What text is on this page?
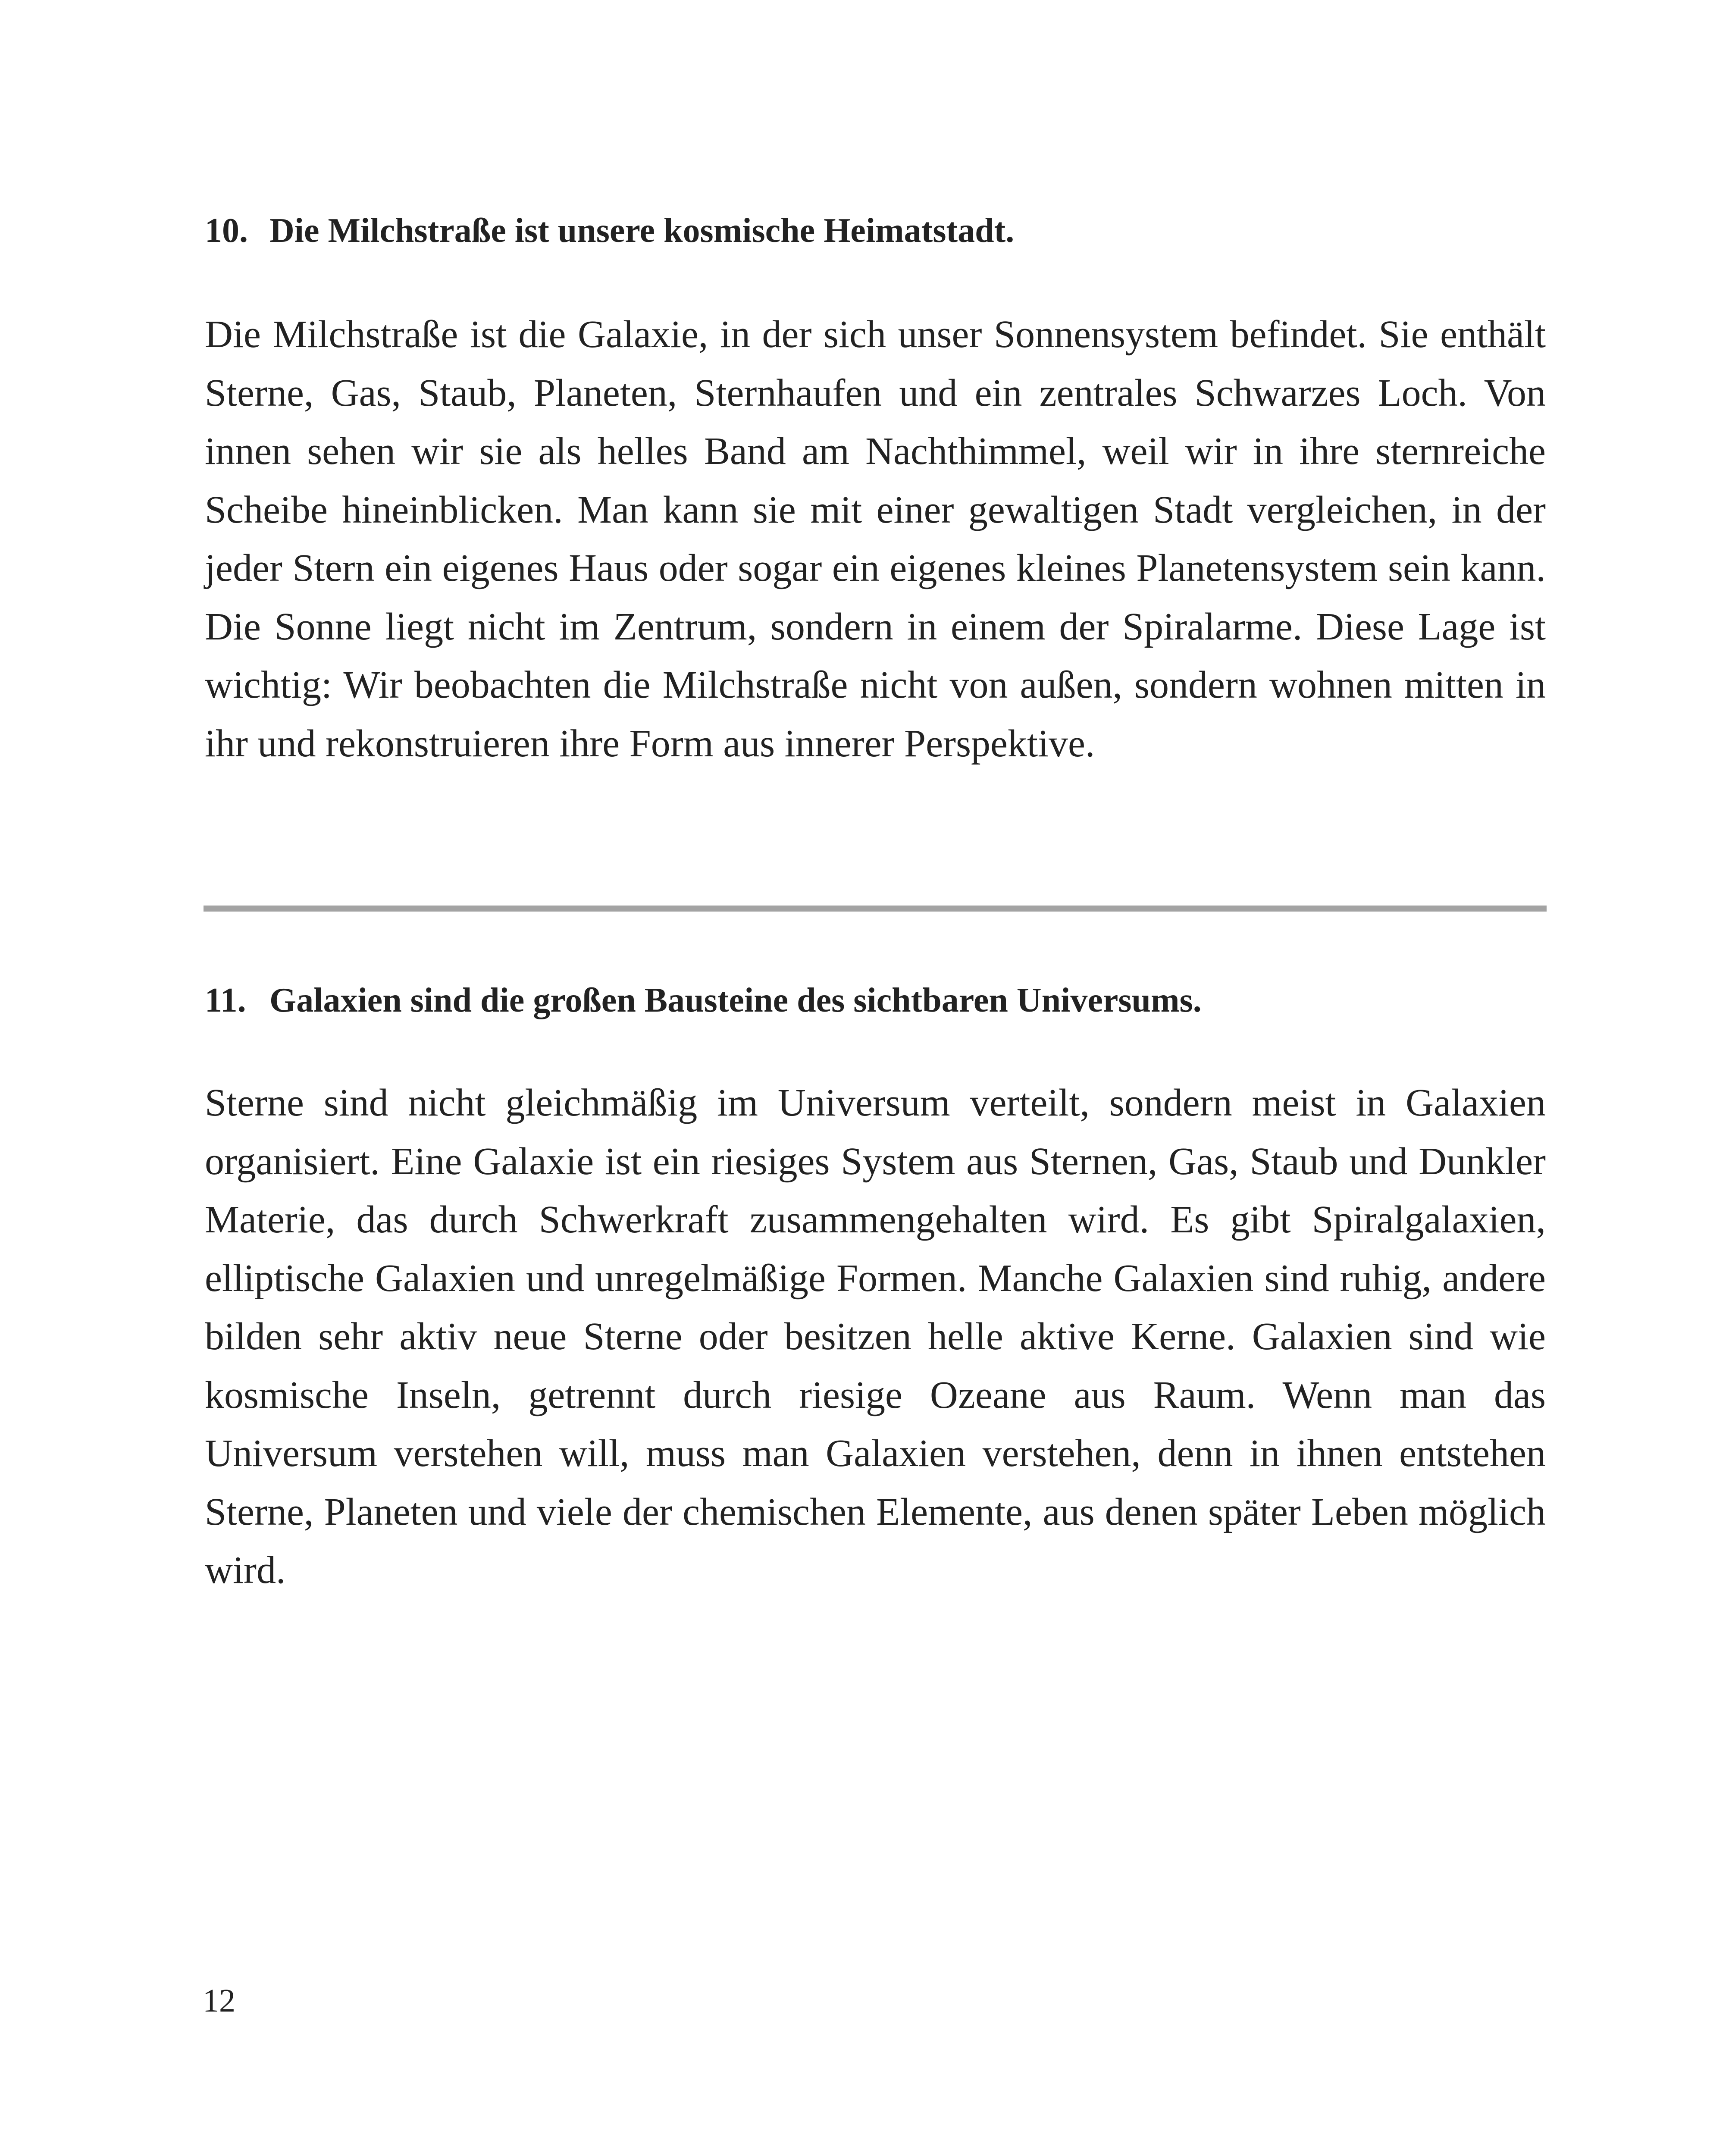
10. Die Milchstraße ist unsere kosmische Heimatstadt.

Die Milchstraße ist die Galaxie, in der sich unser Sonnensystem befindet. Sie enthält Sterne, Gas, Staub, Planeten, Sternhaufen und ein zentrales Schwarzes Loch. Von innen sehen wir sie als helles Band am Nachthimmel, weil wir in ihre sternreiche Scheibe hineinblicken. Man kann sie mit einer gewaltigen Stadt vergleichen, in der jeder Stern ein eigenes Haus oder sogar ein eigenes kleines Planetensystem sein kann. Die Sonne liegt nicht im Zentrum, sondern in einem der Spiralarme. Diese Lage ist wichtig: Wir beobachten die Milchstraße nicht von außen, sondern wohnen mitten in ihr und rekonstruieren ihre Form aus innerer Perspektive.

11. Galaxien sind die großen Bausteine des sichtbaren Universums.

Sterne sind nicht gleichmäßig im Universum verteilt, sondern meist in Galaxien organisiert. Eine Galaxie ist ein riesiges System aus Sternen, Gas, Staub und Dunkler Materie, das durch Schwerkraft zusammengehalten wird. Es gibt Spiralgalaxien, elliptische Galaxien und unregelmäßige Formen. Manche Galaxien sind ruhig, andere bilden sehr aktiv neue Sterne oder besitzen helle aktive Kerne. Galaxien sind wie kosmische Inseln, getrennt durch riesige Ozeane aus Raum. Wenn man das Universum verstehen will, muss man Galaxien verstehen, denn in ihnen entstehen Sterne, Planeten und viele der chemischen Elemente, aus denen später Leben möglich wird.

12
